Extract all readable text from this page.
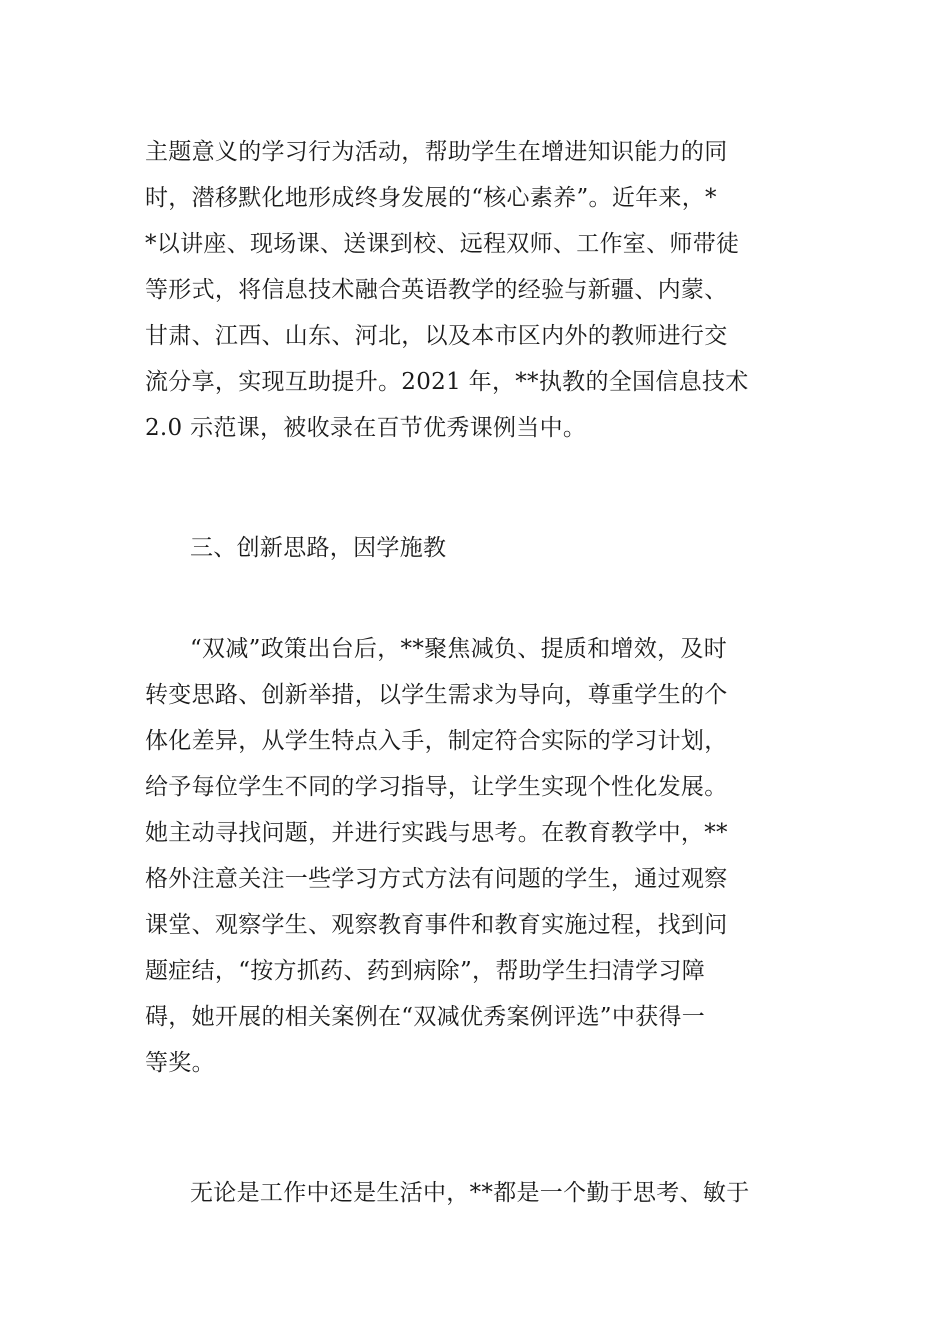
主题意义的学习行为活动，帮助学生在增进知识能力的同
时，潜移默化地形成终身发展的“核心素养”。近年来，*
*以讲座、现场课、送课到校、远程双师、工作室、师带徒
等形式，将信息技术融合英语教学的经验与新疆、内蒙、
甘肃、江西、山东、河北，以及本市区内外的教师进行交
流分享，实现互助提升。2021 年，**执教的全国信息技术
2.0 示范课，被收录在百节优秀课例当中。
三、创新思路，因学施教
“双减”政策出台后，**聚焦减负、提质和增效，及时
转变思路、创新举措，以学生需求为导向，尊重学生的个
体化差异，从学生特点入手，制定符合实际的学习计划，
给予每位学生不同的学习指导，让学生实现个性化发展。
她主动寻找问题，并进行实践与思考。在教育教学中，**
格外注意关注一些学习方式方法有问题的学生，通过观察
课堂、观察学生、观察教育事件和教育实施过程，找到问
题症结，“按方抓药、药到病除”，帮助学生扫清学习障
碍，她开展的相关案例在“双减优秀案例评选”中获得一
等奖。
无论是工作中还是生活中，**都是一个勤于思考、敏于
